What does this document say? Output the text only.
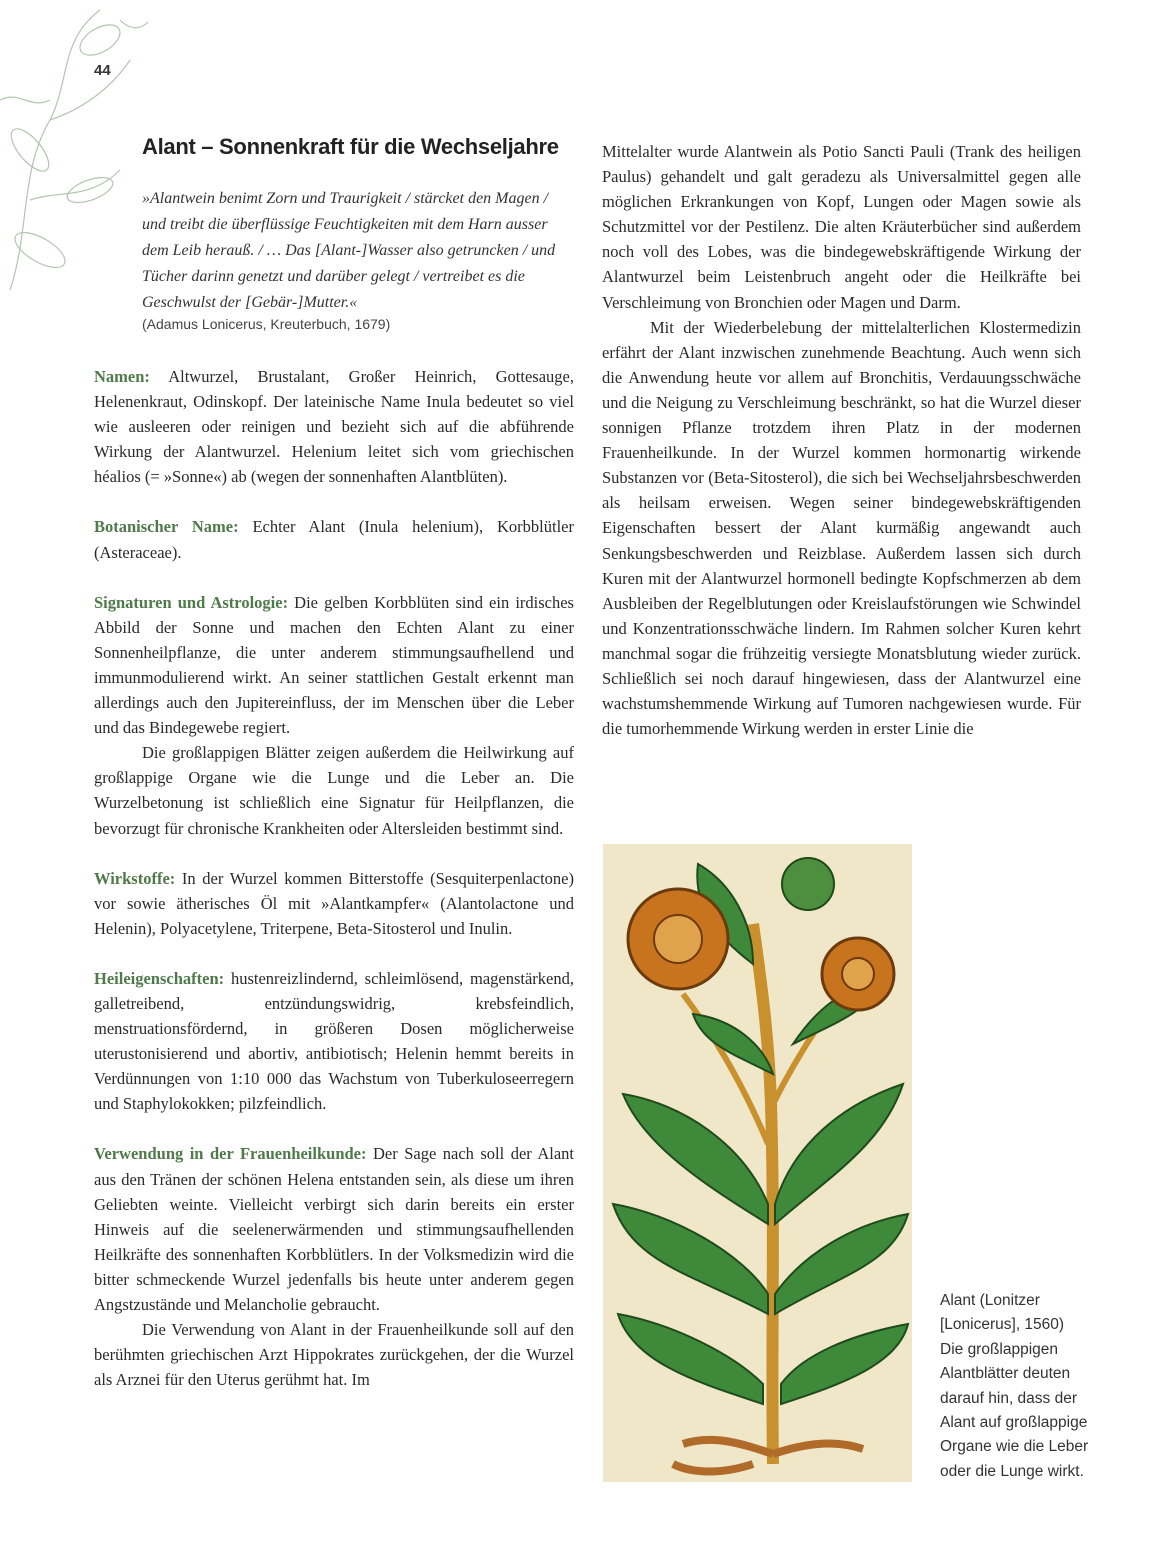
44
Alant – Sonnenkraft für die Wechseljahre

»Alantwein benimt Zorn und Traurigkeit / stärcket den Magen / und treibt die überflüssige Feuchtigkeiten mit dem Harn ausser dem Leib herauß. / … Das [Alant-]Wasser also getruncken / und Tücher darinn genetzt und darüber gelegt / vertreibet es die Geschwulst der [Gebär-]Mutter.«

(Adamus Lonicerus, Kreuterbuch, 1679)

Namen: Altwurzel, Brustalant, Großer Heinrich, Gottesauge, Helenenkraut, Odinskopf. Der lateinische Name Inula bedeutet so viel wie ausleeren oder reinigen und bezieht sich auf die abführende Wirkung der Alantwurzel. Helenium leitet sich vom griechischen héalios (= »Sonne«) ab (wegen der sonnenhaften Alantblüten).

Botanischer Name: Echter Alant (Inula helenium), Korbblütler (Asteraceae).

Signaturen und Astrologie: Die gelben Korbblüten sind ein irdisches Abbild der Sonne und machen den Echten Alant zu einer Sonnenheilpflanze, die unter anderem stimmungsaufhellend und immunmodulierend wirkt. An seiner stattlichen Gestalt erkennt man allerdings auch den Jupitereinfluss, der im Menschen über die Leber und das Bindegewebe regiert.

Die großlappigen Blätter zeigen außerdem die Heilwirkung auf großlappige Organe wie die Lunge und die Leber an. Die Wurzelbetonung ist schließlich eine Signatur für Heilpflanzen, die bevorzugt für chronische Krankheiten oder Altersleiden bestimmt sind.

Wirkstoffe: In der Wurzel kommen Bitterstoffe (Sesquiterpenlactone) vor sowie ätherisches Öl mit »Alantkampfer« (Alantolactone und Helenin), Polyacetylene, Triterpene, Beta-Sitosterol und Inulin.

Heileigenschaften: hustenreizlindernd, schleimlösend, magenstärkend, galletreibend, entzündungswidrig, krebsfeindlich, menstruationsfördernd, in größeren Dosen möglicherweise uterustonisierend und abortiv, antibiotisch; Helenin hemmt bereits in Verdünnungen von 1:10 000 das Wachstum von Tuberkuloseerregern und Staphylokokken; pilzfeindlich.

Verwendung in der Frauenheilkunde: Der Sage nach soll der Alant aus den Tränen der schönen Helena entstanden sein, als diese um ihren Geliebten weinte. Vielleicht verbirgt sich darin bereits ein erster Hinweis auf die seelenerwärmenden und stimmungsaufhellenden Heilkräfte des sonnenhaften Korbblütlers. In der Volksmedizin wird die bitter schmeckende Wurzel jedenfalls bis heute unter anderem gegen Angstzustände und Melancholie gebraucht.

Die Verwendung von Alant in der Frauenheilkunde soll auf den berühmten griechischen Arzt Hippokrates zurückgehen, der die Wurzel als Arznei für den Uterus gerühmt hat. Im

Mittelalter wurde Alantwein als Potio Sancti Pauli (Trank des heiligen Paulus) gehandelt und galt geradezu als Universalmittel gegen alle möglichen Erkrankungen von Kopf, Lungen oder Magen sowie als Schutzmittel vor der Pestilenz. Die alten Kräuterbücher sind außerdem noch voll des Lobes, was die bindegewebskräftigende Wirkung der Alantwurzel beim Leistenbruch angeht oder die Heilkräfte bei Verschleimung von Bronchien oder Magen und Darm.

Mit der Wiederbelebung der mittelalterlichen Klostermedizin erfährt der Alant inzwischen zunehmende Beachtung. Auch wenn sich die Anwendung heute vor allem auf Bronchitis, Verdauungsschwäche und die Neigung zu Verschleimung beschränkt, so hat die Wurzel dieser sonnigen Pflanze trotzdem ihren Platz in der modernen Frauenheilkunde. In der Wurzel kommen hormonartig wirkende Substanzen vor (Beta-Sitosterol), die sich bei Wechseljahrsbeschwerden als heilsam erweisen. Wegen seiner bindegewebskräftigenden Eigenschaften bessert der Alant kurmäßig angewandt auch Senkungsbeschwerden und Reizblase. Außerdem lassen sich durch Kuren mit der Alantwurzel hormonell bedingte Kopfschmerzen ab dem Ausbleiben der Regelblutungen oder Kreislaufstörungen wie Schwindel und Konzentrationsschwäche lindern. Im Rahmen solcher Kuren kehrt manchmal sogar die frühzeitig versiegte Monatsblutung wieder zurück. Schließlich sei noch darauf hingewiesen, dass der Alantwurzel eine wachstumshemmende Wirkung auf Tumoren nachgewiesen wurde. Für die tumorhemmende Wirkung werden in erster Linie die

Alant (Lonitzer
[Lonicerus], 1560)
Die großlappigen
Alantblätter deuten
darauf hin, dass der
Alant auf großlappige
Organe wie die Leber
oder die Lunge wirkt.
